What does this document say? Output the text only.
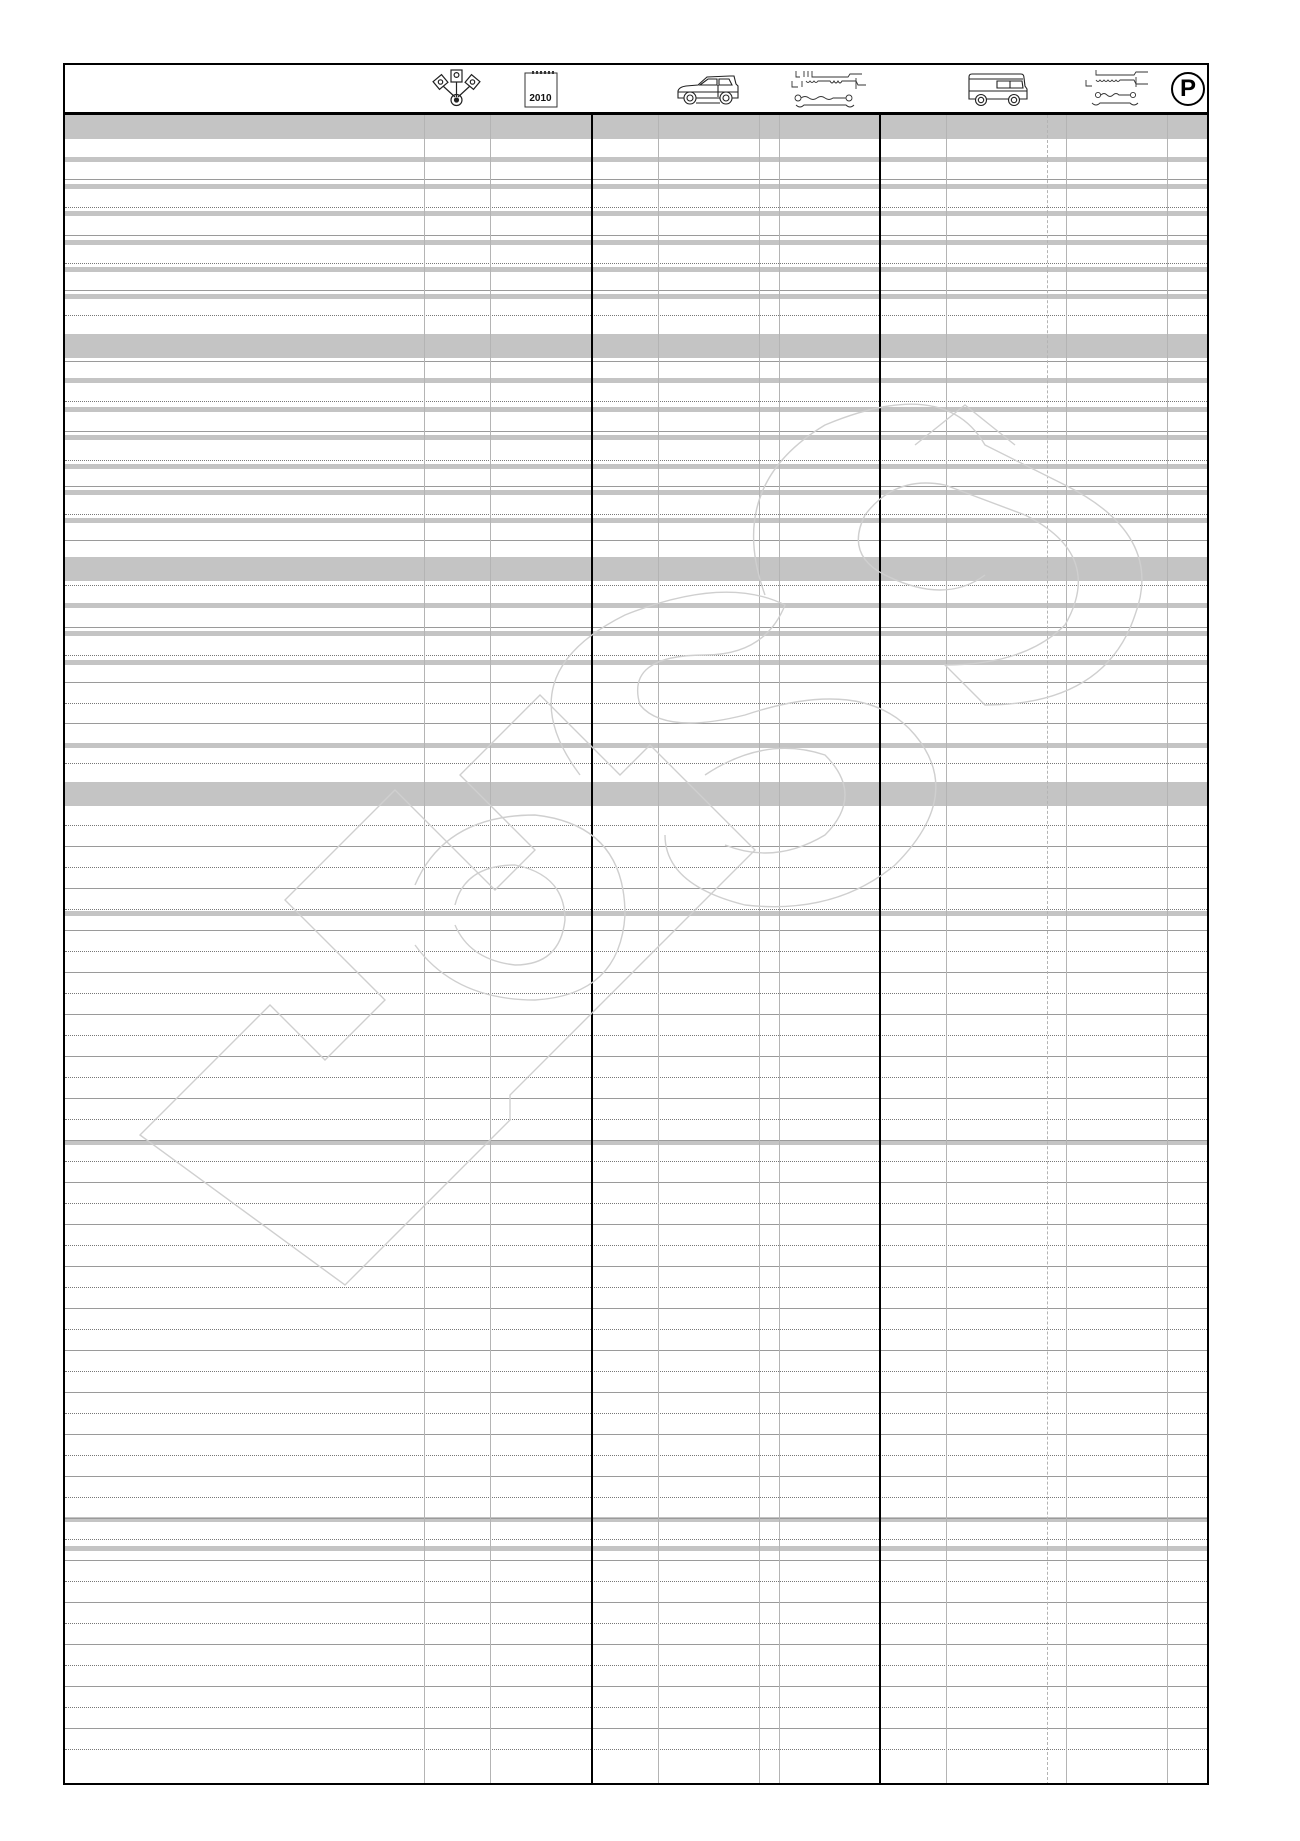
2010	P
